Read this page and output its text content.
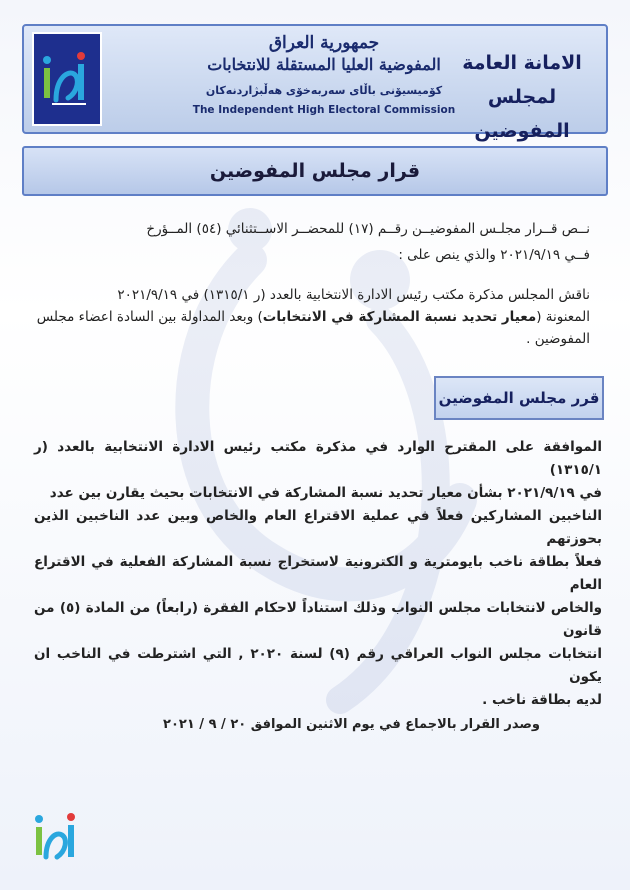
جمهورية العراق
المفوضية العليا المستقلة للانتخابات
كۆمیسیۆنی باڵای سەربەخۆی هەڵبژاردنەکان
The Independent High Electoral Commission
الامانة العامة
لمجلس المفوضين
قرار مجلس المفوضين
نــص قــرار مجلـس المفوضيــن رقــم (١٧) للمحضــر الاســتثنائي (٥٤) المــؤرخ
فــي ٢٠٢١/٩/١٩ والذي ينص على :
ناقش المجلس مذكرة مكتب رئيس الادارة الانتخابية بالعدد (ر ١٣١٥/١) في ٢٠٢١/٩/١٩
المعنونة (معيار تحديد نسبة المشاركة في الانتخابات) وبعد المداولة بين السادة اعضاء مجلس
المفوضين .
قرر مجلس المفوضين
الموافقة على المقترح الوارد في مذكرة مكتب رئيس الادارة الانتخابية بالعدد (ر ١٣١٥/١)
في ٢٠٢١/٩/١٩ بشأن معيار تحديد نسبة المشاركة في الانتخابات بحيث يقارن بين عدد
الناخبين المشاركين فعلاً في عملية الاقتراع العام والخاص وبين عدد الناخبين الذين بحوزتهم
فعلاً بطاقة ناخب بايومترية و الكترونية لاستخراج نسبة المشاركة الفعلية في الاقتراع العام
والخاص لانتخابات مجلس النواب وذلك استناداً لاحكام الفقرة (رابعاً) من المادة (٥) من قانون
انتخابات مجلس النواب العراقي رقم (٩) لسنة ٢٠٢٠ , التي اشترطت في الناخب ان يكون
لديه بطاقة ناخب .
وصدر القرار بالاجماع في يوم الاثنين الموافق ٢٠ / ٩ / ٢٠٢١
